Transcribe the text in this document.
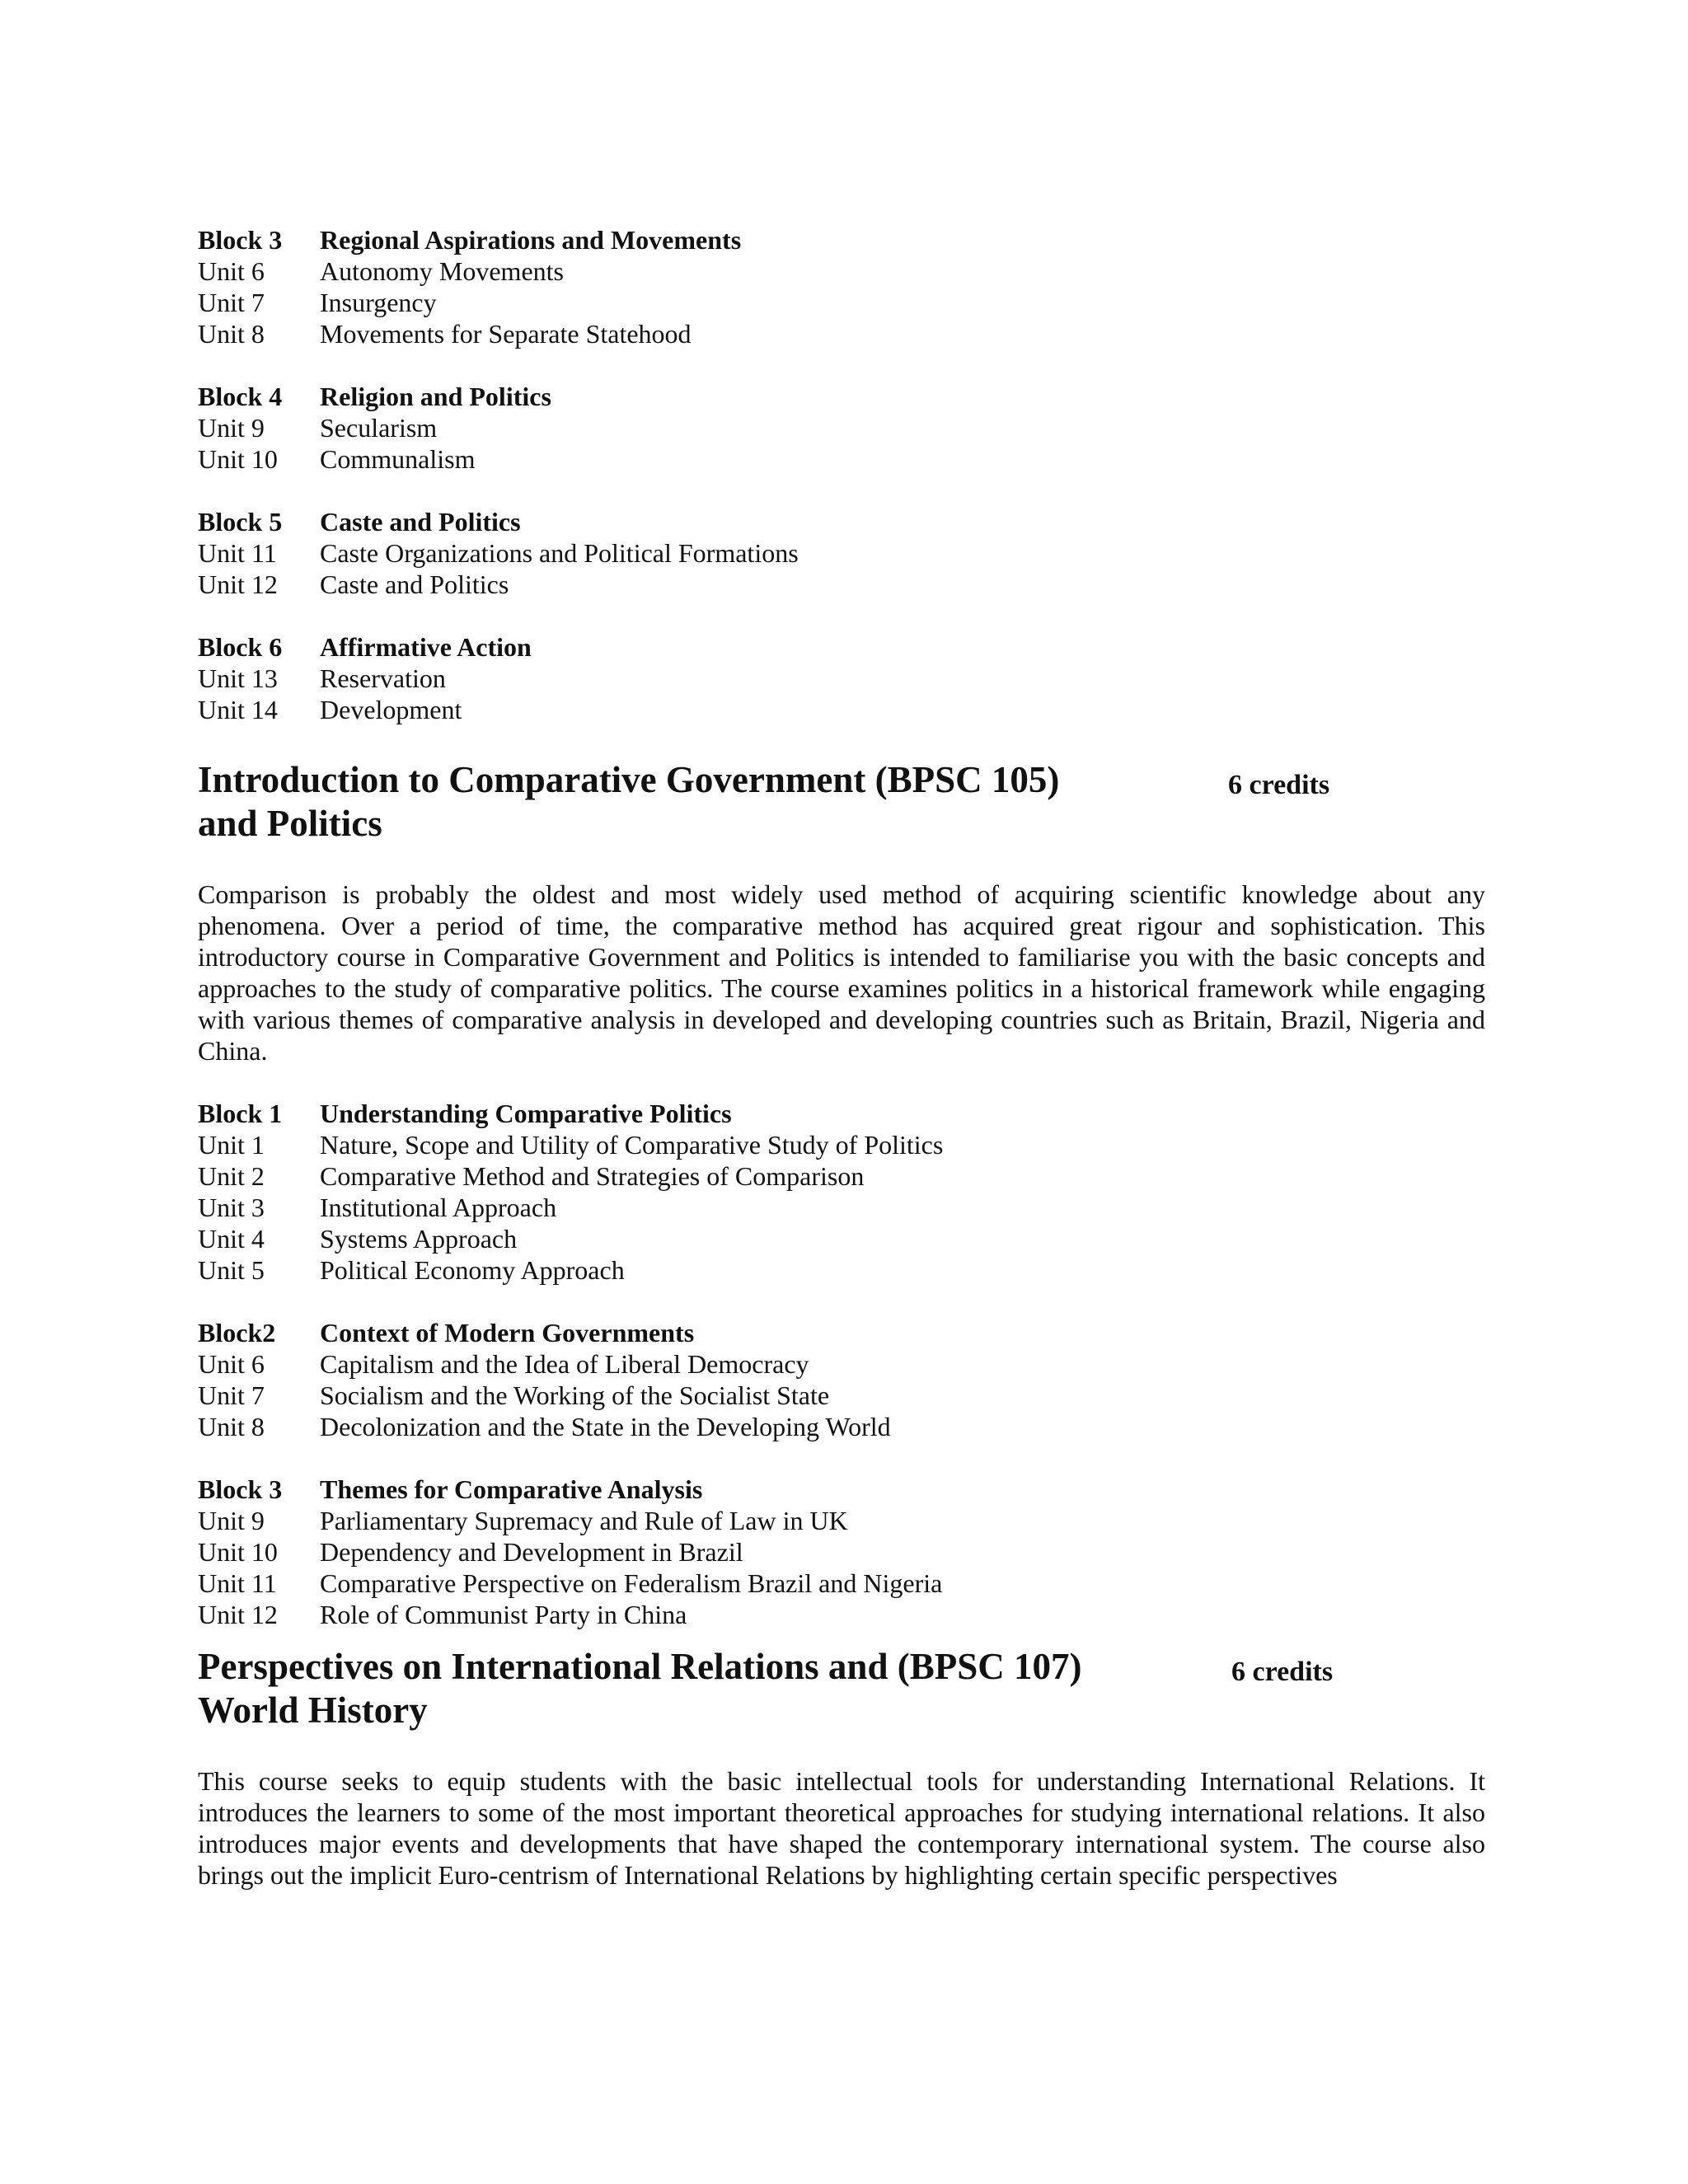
Block 3	Regional Aspirations and Movements
Unit 6	Autonomy Movements
Unit 7	Insurgency
Unit 8	Movements for Separate Statehood
Block 4	Religion and Politics
Unit 9	Secularism
Unit 10	Communalism
Block 5	Caste and Politics
Unit 11	Caste Organizations and Political Formations
Unit 12	Caste and Politics
Block 6	Affirmative Action
Unit 13	Reservation
Unit 14	Development
Introduction to Comparative Government (BPSC 105)
and Politics
6 credits

Comparison is probably the oldest and most widely used method of acquiring scientific knowledge about any phenomena. Over a period of time, the comparative method has acquired great rigour and sophistication. This introductory course in Comparative Government and Politics is intended to familiarise you with the basic concepts and approaches to the study of comparative politics. The course examines politics in a historical framework while engaging with various themes of comparative analysis in developed and developing countries such as Britain, Brazil, Nigeria and China.

Block 1	Understanding Comparative Politics
Unit 1	Nature, Scope and Utility of Comparative Study of Politics
Unit 2	Comparative Method and Strategies of Comparison
Unit 3	Institutional Approach
Unit 4	Systems Approach
Unit 5	Political Economy Approach
Block2	Context of Modern Governments
Unit 6	Capitalism and the Idea of Liberal Democracy
Unit 7	Socialism and the Working of the Socialist State
Unit 8	Decolonization and the State in the Developing World
Block 3	Themes for Comparative Analysis
Unit 9	Parliamentary Supremacy and Rule of Law in UK
Unit 10	Dependency and Development in Brazil
Unit 11	Comparative Perspective on Federalism Brazil and Nigeria
Unit 12	Role of Communist Party in China
Perspectives on International Relations and (BPSC 107)
World History
6 credits

This course seeks to equip students with the basic intellectual tools for understanding International Relations. It introduces the learners to some of the most important theoretical approaches for studying international relations. It also introduces major events and developments that have shaped the contemporary international system. The course also brings out the implicit Euro-centrism of International Relations by highlighting certain specific perspectives
